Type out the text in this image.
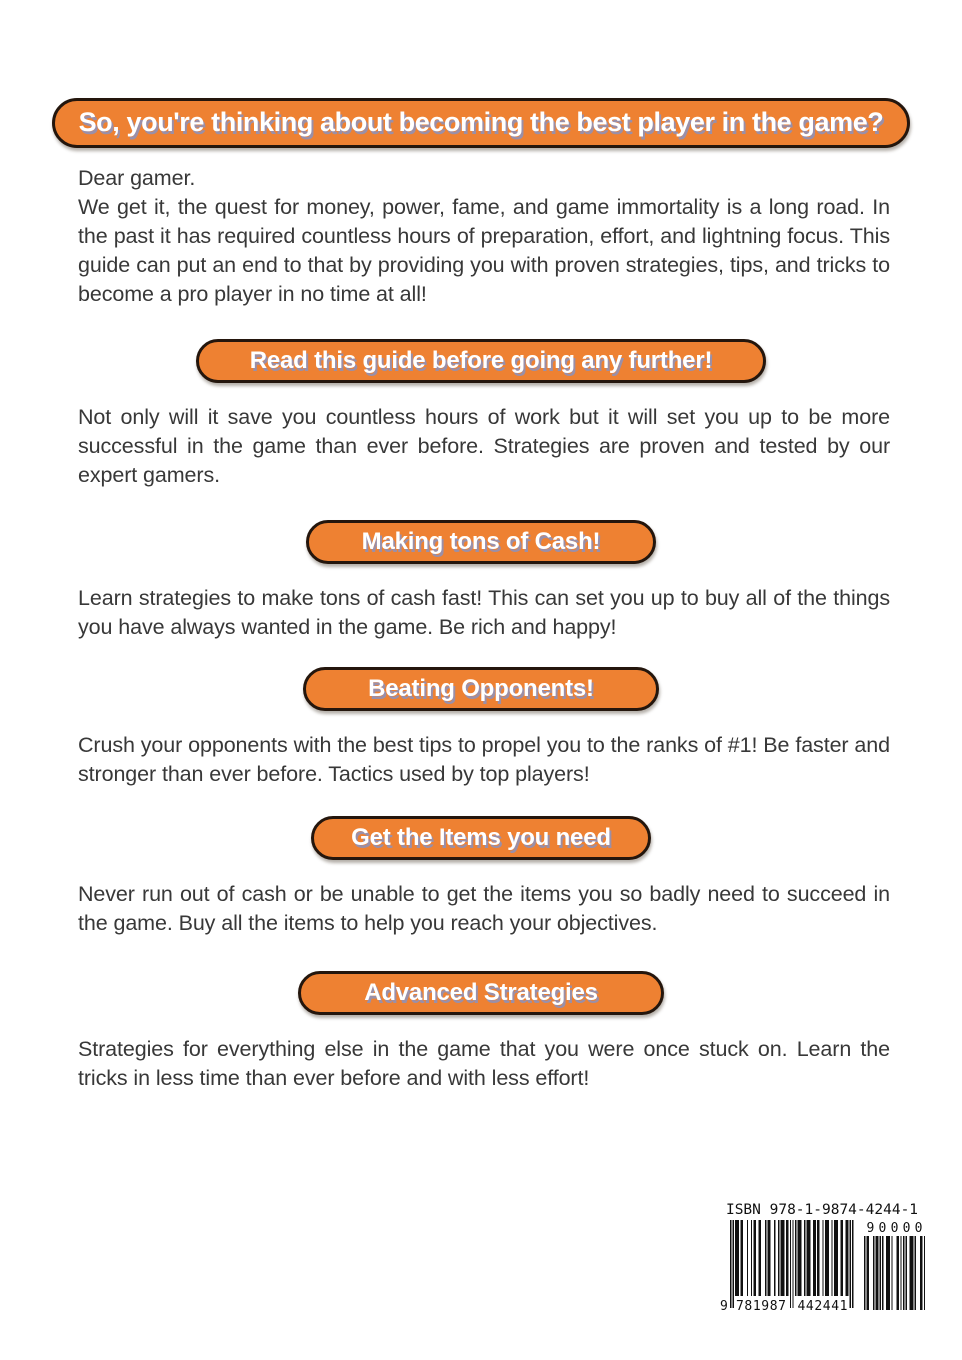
So, you're thinking about becoming the best player in the game?
Dear gamer.
We get it, the quest for money, power, fame, and game immortality is a long road. In the past it has required countless hours of preparation, effort, and lightning focus. This guide can put an end to that by providing you with proven strategies, tips, and tricks to become a pro player in no time at all!
Read this guide before going any further!
Not only will it save you countless hours of work but it will set you up to be more successful in the game than ever before. Strategies are proven and tested by our expert gamers.
Making tons of Cash!
Learn strategies to make tons of cash fast! This can set you up to buy all of the things you have always wanted in the game. Be rich and happy!
Beating Opponents!
Crush your opponents with the best tips to propel you to the ranks of #1! Be faster and stronger than ever before. Tactics used by top players!
Get the Items you need
Never run out of cash or be unable to get the items you so badly need to succeed in the game. Buy all the items to help you reach your objectives.
Advanced Strategies
Strategies for everything else in the game that you were once stuck on. Learn the tricks in less time than ever before and with less effort!
ISBN 978-1-9874-4244-1
9 781987 442441
90000
